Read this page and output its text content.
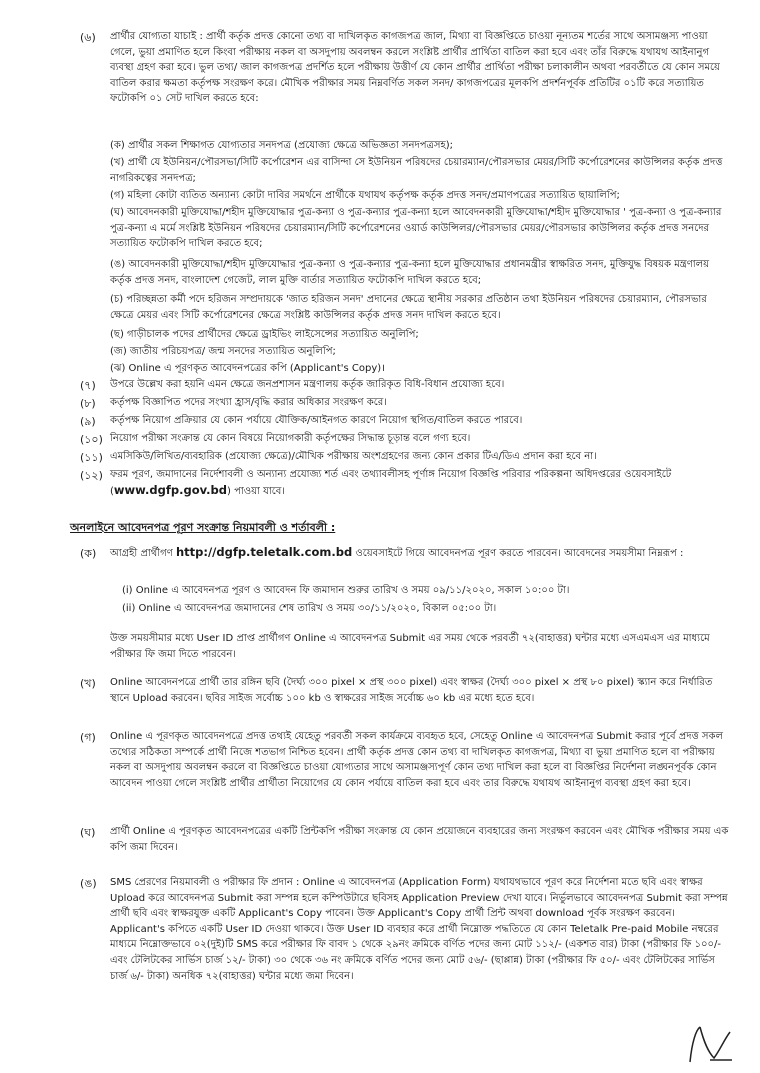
(৬) প্রার্থীর যোগ্যতা যাচাই : প্রার্থী কর্তৃক প্রদত্ত কোনো তথ্য বা দাখিলকৃত কাগজপত্র জাল, মিথ্যা বা বিজ্ঞপ্তিতে চাওয়া নূন্যতম শর্তের সাথে অসামঞ্জস্য পাওয়া গেলে, ভুয়া প্রমাণিত হলে কিংবা পরীক্ষায় নকল বা অসদুপায় অবলম্বন করলে সংশ্লিষ্ট প্রার্থীর প্রার্থিতা বাতিল করা হবে এবং তাঁর বিরুদ্ধে যথাযথ আইনানুগ ব্যবস্থা গ্রহণ করা হবে। ভুল তথ্য/ জাল কাগজপত্র প্রদর্শিত হলে পরীক্ষায় উত্তীর্ণ যে কোন প্রার্থীর প্রার্থিতা পরীক্ষা চলাকালীন অথবা পরবর্তীতে যে কোন সময়ে বাতিল করার ক্ষমতা কর্তৃপক্ষ সংরক্ষণ করে। মৌখিক পরীক্ষার সময় নিম্নবর্ণিত সকল সনদ/ কাগজপত্রের মূলকপি প্রদর্শনপূর্বক প্রতিটির ০১টি করে সত্যায়িত ফটোকপি ০১ সেট দাখিল করতে হবে:
(ক) প্রার্থীর সকল শিক্ষাগত যোগ্যতার সনদপত্র (প্রযোজ্য ক্ষেত্রে অভিজ্ঞতা সনদপত্রসহ);
(খ) প্রার্থী যে ইউনিয়ন/পৌরসভা/সিটি কর্পোরেশন এর বাসিন্দা সে ইউনিয়ন পরিষদের চেয়ারম্যান/পৌরসভার মেয়র/সিটি কর্পোরেশনের কাউন্সিলর কর্তৃক প্রদত্ত নাগরিকত্বের সনদপত্র;
(গ) মহিলা কোটা ব্যতিত অন্যান্য কোটা দাবির সমর্থনে প্রার্থীকে যথাযথ কর্তৃপক্ষ কর্তৃক প্রদত্ত সনদ/প্রমাণপত্রের সত্যায়িত ছায়ালিপি;
(ঘ) আবেদনকারী মুক্তিযোদ্ধা/শহীদ মুক্তিযোদ্ধার পুত্র-কন্যা ও পুত্র-কন্যার পুত্র-কন্যা হলে আবেদনকারী মুক্তিযোদ্ধা/শহীদ মুক্তিযোদ্ধার ' পুত্র-কন্যা ও পুত্র-কন্যার পুত্র-কন্যা এ মর্মে সংশ্লিষ্ট ইউনিয়ন পরিষদের চেয়ারম্যান/সিটি কর্পোরেশনের ওয়ার্ড কাউন্সিলর/পৌরসভার মেয়র/পৌরসভার কাউন্সিলর কর্তৃক প্রদত্ত সনদের সত্যায়িত ফটোকপি দাখিল করতে হবে;
(ঙ) আবেদনকারী মুক্তিযোদ্ধা/শহীদ মুক্তিযোদ্ধার পুত্র-কন্যা ও পুত্র-কন্যার পুত্র-কন্যা হলে মুক্তিযোদ্ধার প্রধানমন্ত্রীর স্বাক্ষরিত সনদ, মুক্তিযুদ্ধ বিষয়ক মন্ত্রণালয় কর্তৃক প্রদত্ত সনদ, বাংলাদেশ গেজেট, লাল মুক্তি বার্তার সত্যায়িত ফটোকপি দাখিল করতে হবে;
(চ) পরিচ্ছন্নতা কর্মী পদে হরিজন সম্প্রদায়কে 'জাত হরিজন সনদ' প্রদানের ক্ষেত্রে স্থানীয় সরকার প্রতিষ্ঠান তথা ইউনিয়ন পরিষদের চেয়ারম্যান, পৌরসভার ক্ষেত্রে মেয়র এবং সিটি কর্পোরেশনের ক্ষেত্রে সংশ্লিষ্ট কাউন্সিলর কর্তৃক প্রদত্ত সনদ দাখিল করতে হবে।
(ছ) গাড়ীচালক পদের প্রার্থীদের ক্ষেত্রে ড্রাইভিং লাইসেন্সের সত্যায়িত অনুলিপি;
(জ) জাতীয় পরিচয়পত্র/ জন্ম সনদের সত্যায়িত অনুলিপি;
(ঝ) Online এ পূরণকৃত আবেদনপত্রের কপি (Applicant's Copy)।
(৭) উপরে উল্লেখ করা হয়নি এমন ক্ষেত্রে জনপ্রশাসন মন্ত্রণালয় কর্তৃক জারিকৃত বিধি-বিধান প্রযোজ্য হবে।
(৮) কর্তৃপক্ষ বিজ্ঞাপিত পদের সংখ্যা হ্রাস/বৃদ্ধি করার অধিকার সংরক্ষণ করে।
(৯) কর্তৃপক্ষ নিয়োগ প্রক্রিয়ার যে কোন পর্যায়ে যৌক্তিক/আইনগত কারণে নিয়োগ স্থগিত/বাতিল করতে পারবে।
(১০) নিয়োগ পরীক্ষা সংক্রান্ত যে কোন বিষয়ে নিয়োগকারী কর্তৃপক্ষের সিদ্ধান্ত চূড়ান্ত বলে গণ্য হবে।
(১১) এমসিকিউ/লিখিত/ব্যবহারিক (প্রযোজ্য ক্ষেত্রে)/মৌখিক পরীক্ষায় অংশগ্রহণের জন্য কোন প্রকার টিএ/ডিএ প্রদান করা হবে না।
(১২) ফরম পূরণ, জমাদানের নির্দেশাবলী ও অন্যান্য প্রযোজ্য শর্ত এবং তথ্যাবলীসহ পূর্ণাঙ্গ নিয়োগ বিজ্ঞপ্তি পরিবার পরিকল্পনা অধিদপ্তরের ওয়েবসাইটে (www.dgfp.gov.bd) পাওয়া যাবে।
অনলাইনে আবেদনপত্র পূরণ সংক্রান্ত নিয়মাবলী ও শর্তাবলী :
(ক) আগ্রহী প্রার্থীগণ http://dgfp.teletalk.com.bd ওয়েবসাইটে গিয়ে আবেদনপত্র পূরণ করতে পারবেন। আবেদনের সময়সীমা নিম্নরূপ :
(i) Online এ আবেদনপত্র পূরণ ও আবেদন ফি জমাদান শুরুর তারিখ ও সময় ০৯/১১/২০২০, সকাল ১০:০০ টা।
(ii) Online এ আবেদনপত্র জমাদানের শেষ তারিখ ও সময় ৩০/১১/২০২০, বিকাল ০৫:০০ টা।
উক্ত সময়সীমার মধ্যে User ID প্রাপ্ত প্রার্থীগণ Online এ আবেদনপত্র Submit এর সময় থেকে পরবর্তী ৭২(বাহাত্তর) ঘন্টার মধ্যে এসএমএস এর মাধ্যমে পরীক্ষার ফি জমা দিতে পারবেন।
(খ) Online আবেদনপত্রে প্রার্থী তার রঙ্গিন ছবি (দৈর্ঘ্য ৩০০ pixel × প্রস্থ ৩০০ pixel) এবং স্বাক্ষর (দৈর্ঘ্য ৩০০ pixel × প্রস্থ ৮০ pixel) স্ক্যান করে নির্ধারিত স্থানে Upload করবেন। ছবির সাইজ সর্বোচ্চ ১০০ kb ও স্বাক্ষরের সাইজ সর্বোচ্চ ৬০ kb এর মধ্যে হতে হবে।
(গ) Online এ পূরণকৃত আবেদনপত্রে প্রদত্ত তথ্যই যেহেতু পরবর্তী সকল কার্যক্রমে ব্যবহৃত হবে, সেহেতু Online এ আবেদনপত্র Submit করার পূর্বে প্রদত্ত সকল তথ্যের সঠিকতা সম্পর্কে প্রার্থী নিজে শতভাগ নিশ্চিত হবেন। প্রার্থী কর্তৃক প্রদত্ত কোন তথ্য বা দাখিলকৃত কাগজপত্র, মিথ্যা বা ভুয়া প্রমাণিত হলে বা পরীক্ষায় নকল বা অসদুপায় অবলম্বন করলে বা বিজ্ঞপ্তিতে চাওয়া যোগ্যতার সাথে অসামঞ্জস্যপূর্ণ কোন তথ্য দাখিল করা হলে বা বিজ্ঞপ্তির নির্দেশনা লঙ্ঘনপূর্বক কোন আবেদন পাওয়া গেলে সংশ্লিষ্ট প্রার্থীর প্রার্থীতা নিয়োগের যে কোন পর্যায়ে বাতিল করা হবে এবং তার বিরুদ্ধে যথাযথ আইনানুগ ব্যবস্থা গ্রহণ করা হবে।
(ঘ) প্রার্থী Online এ পূরণকৃত আবেদনপত্রের একটি প্রিন্টকপি পরীক্ষা সংক্রান্ত যে কোন প্রয়োজনে ব্যবহারের জন্য সংরক্ষণ করবেন এবং মৌখিক পরীক্ষার সময় এক কপি জমা দিবেন।
(ঙ) SMS প্রেরণের নিয়মাবলী ও পরীক্ষার ফি প্রদান : Online এ আবেদনপত্র (Application Form) যথাযথভাবে পূরণ করে নির্দেশনা মতে ছবি এবং স্বাক্ষর Upload করে আবেদনপত্র Submit করা সম্পন্ন হলে কম্পিউটারে ছবিসহ Application Preview দেখা যাবে। নির্ভুলভাবে আবেদনপত্র Submit করা সম্পন্ন প্রার্থী ছবি এবং স্বাক্ষরযুক্ত একটি Applicant's Copy পাবেন। উক্ত Applicant's Copy প্রার্থী প্রিন্ট অথবা download পূর্বক সংরক্ষণ করবেন। Applicant's কপিতে একটি User ID দেওয়া থাকবে। উক্ত User ID ব্যবহার করে প্রার্থী নিম্নোক্ত পদ্ধতিতে যে কোন Teletalk Pre-paid Mobile নম্বরের মাধ্যমে নিম্নোক্তভাবে ০২(দুই)টি SMS করে পরীক্ষার ফি বাবদ ১ থেকে ২৯নং ক্রমিকে বর্ণিত পদের জন্য মোট ১১২/- (একশত বার) টাকা (পরীক্ষার ফি ১০০/- এবং টেলিটকের সার্ভিস চার্জ ১২/- টাকা) ৩০ থেকে ৩৬ নং ক্রমিকে বর্ণিত পদের জন্য মোট ৫৬/- (ছাপ্পান্ন) টাকা (পরীক্ষার ফি ৫০/- এবং টেলিটকের সার্ভিস চার্জ ৬/- টাকা) অনধিক ৭২(বাহাত্তর) ঘন্টার মধ্যে জমা দিবেন।
